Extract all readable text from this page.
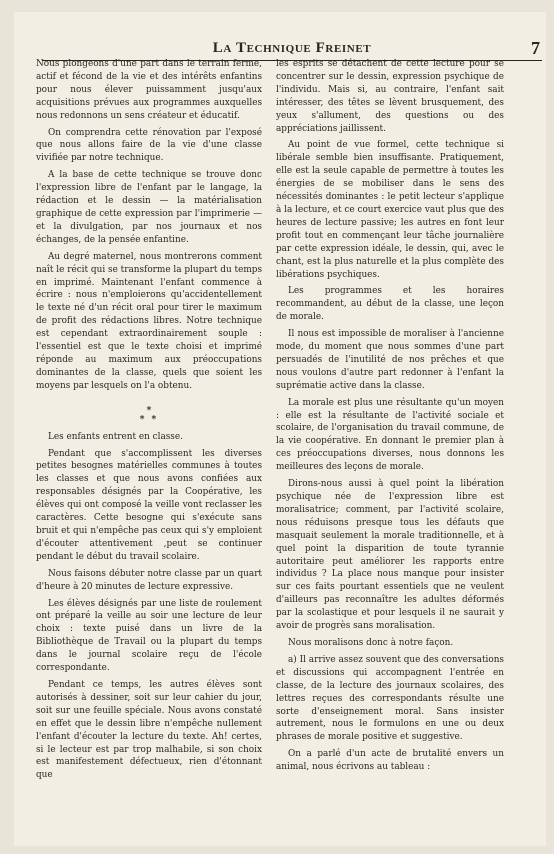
La Technique Freinet	7

Nous plongeons d'une part dans le terrain ferme, actif et fécond de la vie et des intérêts enfantins pour nous élever puissamment jusqu'aux acquisitions prévues aux programmes auxquelles nous redonnons un sens créateur et éducatif.

On comprendra cette rénovation par l'exposé que nous allons faire de la vie d'une classe vivifiée par notre technique.

A la base de cette technique se trouve donc l'expression libre de l'enfant par le langage, la rédaction et le dessin — la matérialisation graphique de cette expression par l'imprimerie — et la divulgation, par nos journaux et nos échanges, de la pensée enfantine.

Au degré maternel, nous montrerons comment naît le récit qui se transforme la plupart du temps en imprimé. Maintenant l'enfant commence à écrire : nous n'emploierons qu'accidentellement le texte né d'un récit oral pour tirer le maximum de profit des rédactions libres. Notre technique est cependant extraordinairement souple : l'essentiel est que le texte choisi et imprimé réponde au maximum aux préoccupations dominantes de la classe, quels que soient les moyens par lesquels on l'a obtenu.

*
* *

Les enfants entrent en classe.

Pendant que s'accomplissent les diverses petites besognes matérielles communes à toutes les classes et que nous avons confiées aux responsables désignés par la Coopérative, les élèves qui ont composé la veille vont reclasser les caractères. Cette besogne qui s'exécute sans bruit et qui n'empêche pas ceux qui s'y emploient d'écouter attentivement ,peut se continuer pendant le début du travail scolaire.

Nous faisons débuter notre classe par un quart d'heure à 20 minutes de lecture expressive.

Les élèves désignés par une liste de roulement ont préparé la veille au soir une lecture de leur choix : texte puisé dans un livre de la Bibliothèque de Travail ou la plupart du temps dans le journal scolaire reçu de l'école correspondante.

Pendant ce temps, les autres élèves sont autorisés à dessiner, soit sur leur cahier du jour, soit sur une feuille spéciale. Nous avons constaté en effet que le dessin libre n'empêche nullement l'enfant d'écouter la lecture du texte. Ah! certes, si le lecteur est par trop malhabile, si son choix est manifestement défectueux, rien d'étonnant que

les esprits se détachent de cette lecture pour se concentrer sur le dessin, expression psychique de l'individu. Mais si, au contraire, l'enfant sait intéresser, des têtes se lèvent brusquement, des yeux s'allument, des questions ou des appréciations jaillissent.

Au point de vue formel, cette technique si libérale semble bien insuffisante. Pratiquement, elle est la seule capable de permettre à toutes les énergies de se mobiliser dans le sens des nécessités dominantes : le petit lecteur s'applique à la lecture, et ce court exercice vaut plus que des heures de lecture passive; les autres en font leur profit tout en commençant leur tâche journalière par cette expression idéale, le dessin, qui, avec le chant, est la plus naturelle et la plus complète des libérations psychiques.

Les programmes et les horaires recommandent, au début de la classe, une leçon de morale.

Il nous est impossible de moraliser à l'ancienne mode, du moment que nous sommes d'une part persuadés de l'inutilité de nos prêches et que nous voulons d'autre part redonner à l'enfant la suprématie active dans la classe.

La morale est plus une résultante qu'un moyen : elle est la résultante de l'activité sociale et scolaire, de l'organisation du travail commune, de la vie coopérative. En donnant le premier plan à ces préoccupations diverses, nous donnons les meilleures des leçons de morale.

Dirons-nous aussi à quel point la libération psychique née de l'expression libre est moralisatrice; comment, par l'activité scolaire, nous réduisons presque tous les défauts que masquait seulement la morale traditionnelle, et à quel point la disparition de toute tyrannie autoritaire peut améliorer les rapports entre individus ? La place nous manque pour insister sur ces faits pourtant essentiels que ne veulent d'ailleurs pas reconnaître les adultes déformés par la scolastique et pour lesquels il ne saurait y avoir de progrès sans moralisation.

Nous moralisons donc à notre façon.

a) Il arrive assez souvent que des conversations et discussions qui accompagnent l'entrée en classe, de la lecture des journaux scolaires, des lettres reçues des correspondants résulte une sorte d'enseignement moral. Sans insister autrement, nous le formulons en une ou deux phrases de morale positive et suggestive.

On a parlé d'un acte de brutalité envers un animal, nous écrivons au tableau :
